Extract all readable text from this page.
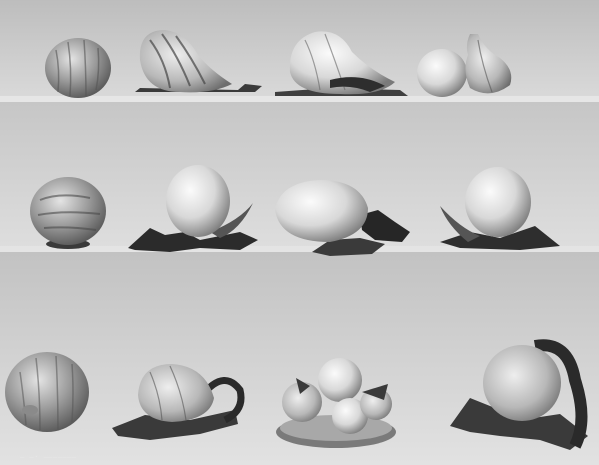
— —· ———————
